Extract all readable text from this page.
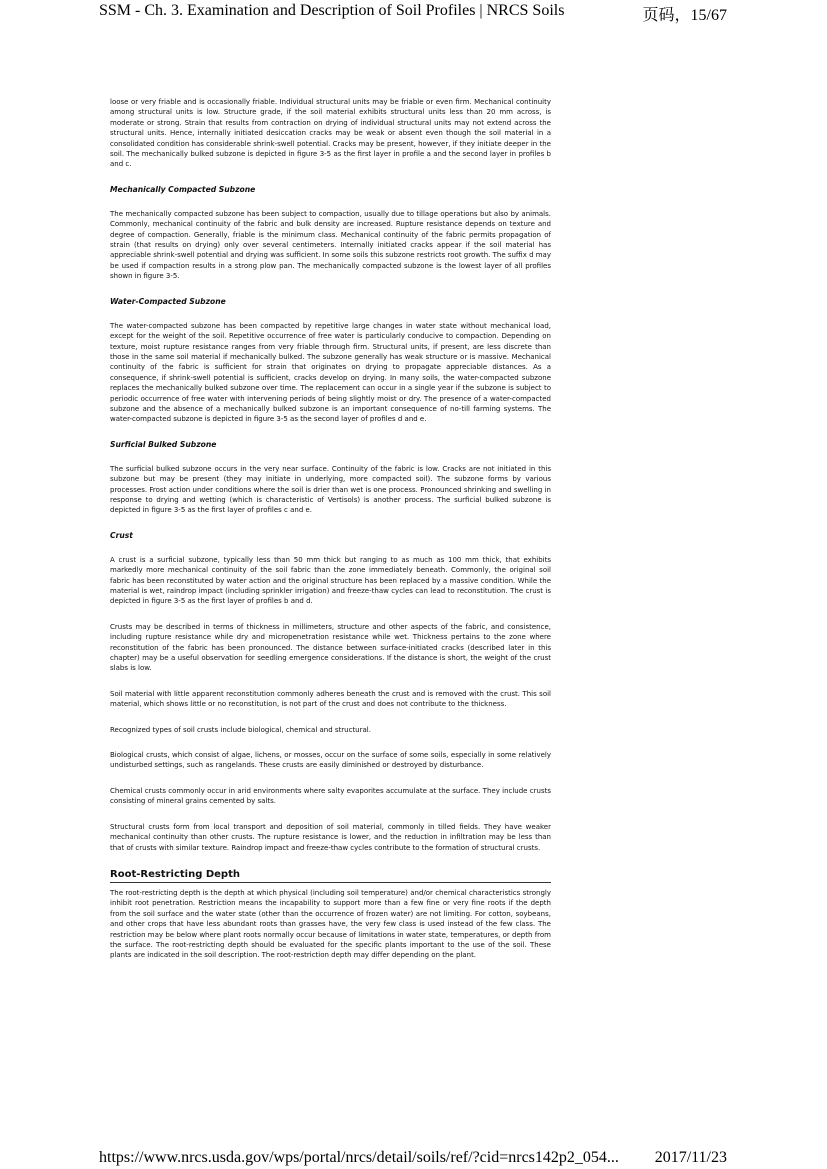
SSM - Ch. 3. Examination and Description of Soil Profiles | NRCS Soils	页码，15/67

loose or very friable and is occasionally friable. Individual structural units may be friable or even firm. Mechanical continuity among structural units is low. Structure grade, if the soil material exhibits structural units less than 20 mm across, is moderate or strong. Strain that results from contraction on drying of individual structural units may not extend across the structural units. Hence, internally initiated desiccation cracks may be weak or absent even though the soil material in a consolidated condition has considerable shrink-swell potential. Cracks may be present, however, if they initiate deeper in the soil. The mechanically bulked subzone is depicted in figure 3-5 as the first layer in profile a and the second layer in profiles b and c.

Mechanically Compacted Subzone

The mechanically compacted subzone has been subject to compaction, usually due to tillage operations but also by animals. Commonly, mechanical continuity of the fabric and bulk density are increased. Rupture resistance depends on texture and degree of compaction. Generally, friable is the minimum class. Mechanical continuity of the fabric permits propagation of strain (that results on drying) only over several centimeters. Internally initiated cracks appear if the soil material has appreciable shrink-swell potential and drying was sufficient. In some soils this subzone restricts root growth. The suffix d may be used if compaction results in a strong plow pan. The mechanically compacted subzone is the lowest layer of all profiles shown in figure 3-5.

Water-Compacted Subzone

The water-compacted subzone has been compacted by repetitive large changes in water state without mechanical load, except for the weight of the soil. Repetitive occurrence of free water is particularly conducive to compaction. Depending on texture, moist rupture resistance ranges from very friable through firm. Structural units, if present, are less discrete than those in the same soil material if mechanically bulked. The subzone generally has weak structure or is massive. Mechanical continuity of the fabric is sufficient for strain that originates on drying to propagate appreciable distances. As a consequence, if shrink-swell potential is sufficient, cracks develop on drying. In many soils, the water-compacted subzone replaces the mechanically bulked subzone over time. The replacement can occur in a single year if the subzone is subject to periodic occurrence of free water with intervening periods of being slightly moist or dry. The presence of a water-compacted subzone and the absence of a mechanically bulked subzone is an important consequence of no-till farming systems. The water-compacted subzone is depicted in figure 3-5 as the second layer of profiles d and e.

Surficial Bulked Subzone

The surficial bulked subzone occurs in the very near surface. Continuity of the fabric is low. Cracks are not initiated in this subzone but may be present (they may initiate in underlying, more compacted soil). The subzone forms by various processes. Frost action under conditions where the soil is drier than wet is one process. Pronounced shrinking and swelling in response to drying and wetting (which is characteristic of Vertisols) is another process. The surficial bulked subzone is depicted in figure 3-5 as the first layer of profiles c and e.

Crust

A crust is a surficial subzone, typically less than 50 mm thick but ranging to as much as 100 mm thick, that exhibits markedly more mechanical continuity of the soil fabric than the zone immediately beneath. Commonly, the original soil fabric has been reconstituted by water action and the original structure has been replaced by a massive condition. While the material is wet, raindrop impact (including sprinkler irrigation) and freeze-thaw cycles can lead to reconstitution. The crust is depicted in figure 3-5 as the first layer of profiles b and d.

Crusts may be described in terms of thickness in millimeters, structure and other aspects of the fabric, and consistence, including rupture resistance while dry and micropenetration resistance while wet. Thickness pertains to the zone where reconstitution of the fabric has been pronounced. The distance between surface-initiated cracks (described later in this chapter) may be a useful observation for seedling emergence considerations. If the distance is short, the weight of the crust slabs is low.

Soil material with little apparent reconstitution commonly adheres beneath the crust and is removed with the crust. This soil material, which shows little or no reconstitution, is not part of the crust and does not contribute to the thickness.

Recognized types of soil crusts include biological, chemical and structural.

Biological crusts, which consist of algae, lichens, or mosses, occur on the surface of some soils, especially in some relatively undisturbed settings, such as rangelands. These crusts are easily diminished or destroyed by disturbance.

Chemical crusts commonly occur in arid environments where salty evaporites accumulate at the surface. They include crusts consisting of mineral grains cemented by salts.

Structural crusts form from local transport and deposition of soil material, commonly in tilled fields. They have weaker mechanical continuity than other crusts. The rupture resistance is lower, and the reduction in infiltration may be less than that of crusts with similar texture. Raindrop impact and freeze-thaw cycles contribute to the formation of structural crusts.

Root-Restricting Depth

The root-restricting depth is the depth at which physical (including soil temperature) and/or chemical characteristics strongly inhibit root penetration. Restriction means the incapability to support more than a few fine or very fine roots if the depth from the soil surface and the water state (other than the occurrence of frozen water) are not limiting. For cotton, soybeans, and other crops that have less abundant roots than grasses have, the very few class is used instead of the few class. The restriction may be below where plant roots normally occur because of limitations in water state, temperatures, or depth from the surface. The root-restricting depth should be evaluated for the specific plants important to the use of the soil. These plants are indicated in the soil description. The root-restriction depth may differ depending on the plant.

https://www.nrcs.usda.gov/wps/portal/nrcs/detail/soils/ref/?cid=nrcs142p2_054... 2017/11/23
